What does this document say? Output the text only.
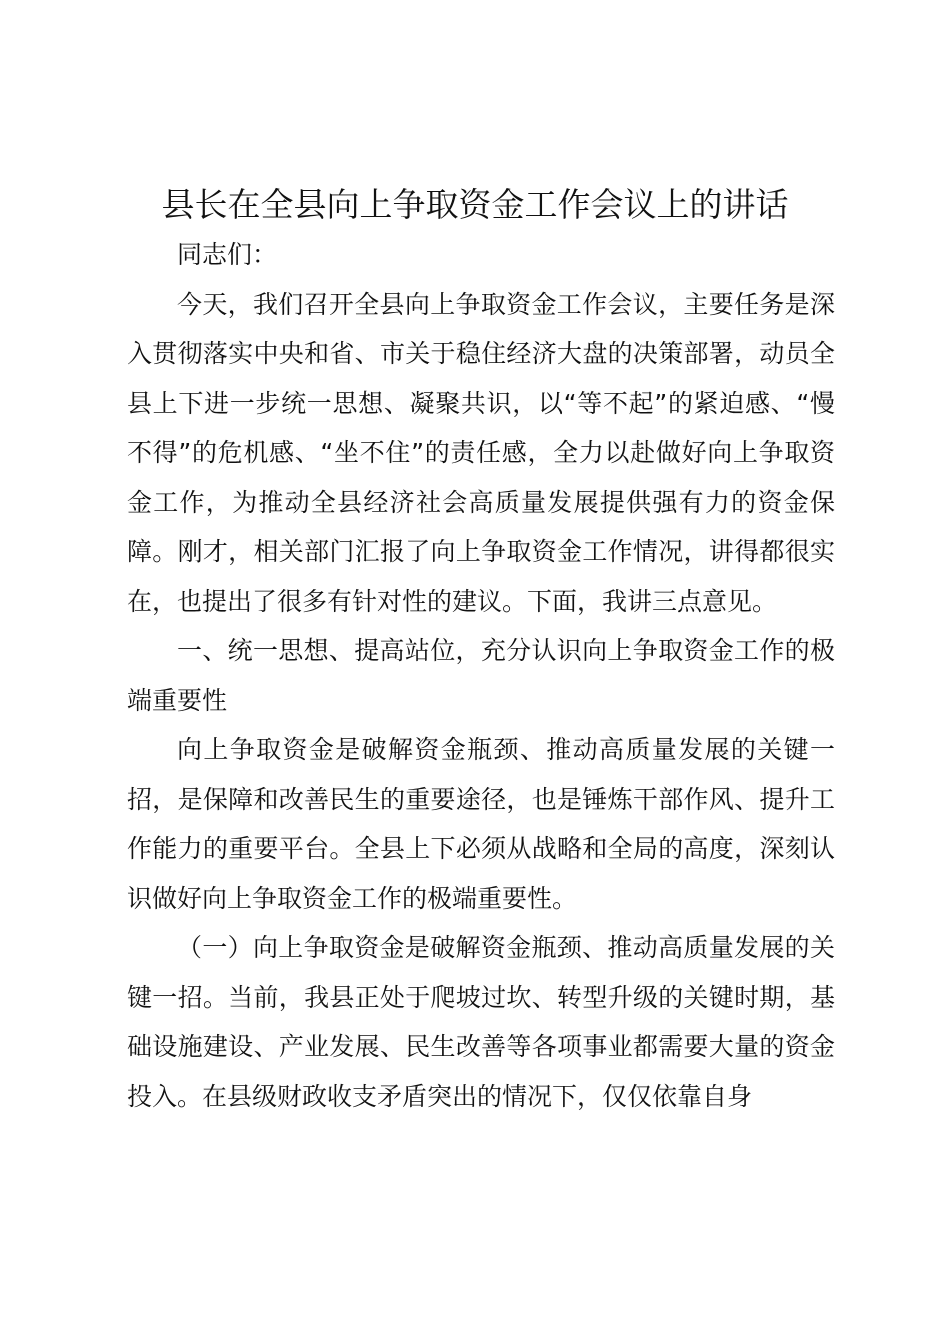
县长在全县向上争取资金工作会议上的讲话

同志们：

今天，我们召开全县向上争取资金工作会议，主要任务是深入贯彻落实中央和省、市关于稳住经济大盘的决策部署，动员全县上下进一步统一思想、凝聚共识，以“等不起”的紧迫感、“慢不得”的危机感、“坐不住”的责任感，全力以赴做好向上争取资金工作，为推动全县经济社会高质量发展提供强有力的资金保障。刚才，相关部门汇报了向上争取资金工作情况，讲得都很实在，也提出了很多有针对性的建议。下面，我讲三点意见。

一、统一思想、提高站位，充分认识向上争取资金工作的极端重要性

向上争取资金是破解资金瓶颈、推动高质量发展的关键一招，是保障和改善民生的重要途径，也是锤炼干部作风、提升工作能力的重要平台。全县上下必须从战略和全局的高度，深刻认识做好向上争取资金工作的极端重要性。

（一）向上争取资金是破解资金瓶颈、推动高质量发展的关键一招。当前，我县正处于爬坡过坎、转型升级的关键时期，基础设施建设、产业发展、民生改善等各项事业都需要大量的资金投入。在县级财政收支矛盾突出的情况下，仅仅依靠自身
